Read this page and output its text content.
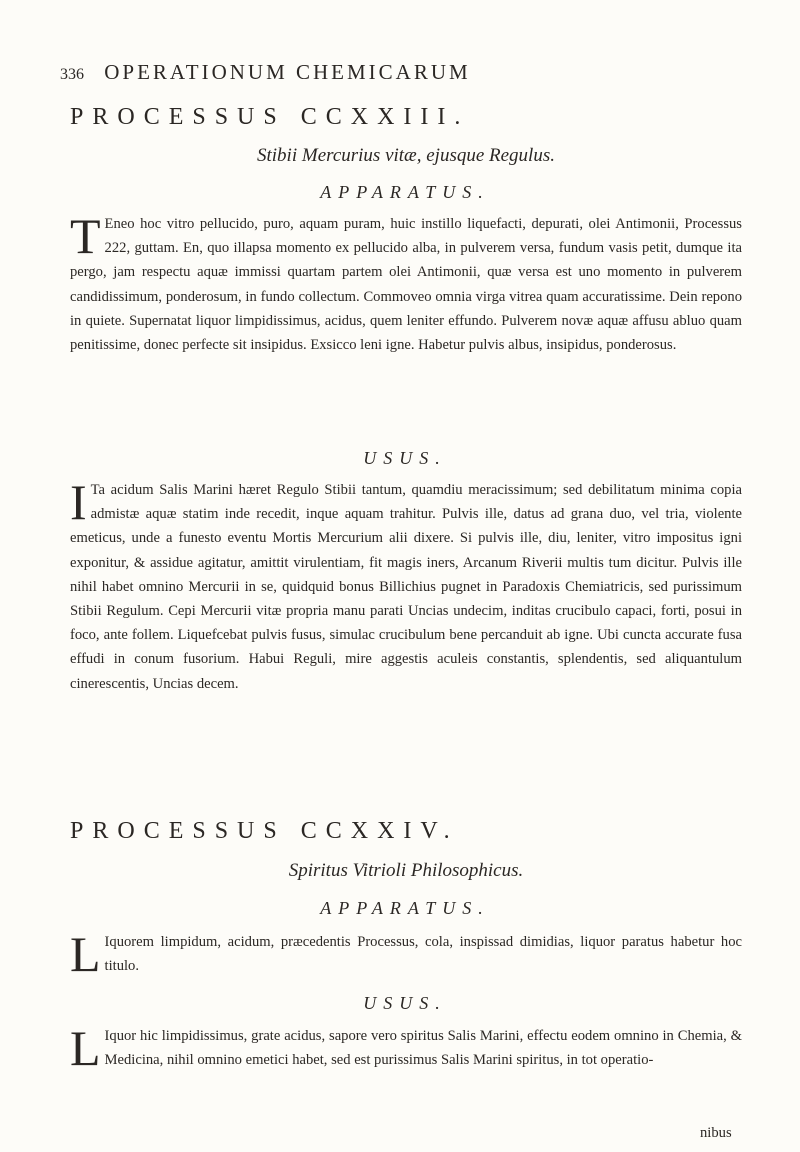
336 OPERATIONUM CHEMICARUM
PROCESSUS CCXXIII.
Stibii Mercurius vitæ, ejusque Regulus.
APPARATUS.

T Eneo hoc vitro pellucido, puro, aquam puram, huic instillo liquefacti, depurati, olei Antimonii, Processus 222, guttam. En, quo illapsa momento ex pellucido alba, in pulverem versa, fundum vasis petit, dumque ita pergo, jam respectu aquæ immissi quartam partem olei Antimonii, quæ versa est uno momento in pulverem candidissimum, ponderosum, in fundo collectum. Commoveo omnia virga vitrea quam accuratissime. Dein repono in quiete. Supernatat liquor limpidissimus, acidus, quem leniter effundo. Pulverem novæ aquæ affusu abluo quam penitissime, donec perfecte sit insipidus. Exsicco leni igne. Habetur pulvis albus, insipidus, ponderosus.

USUS.

I Ta acidum Salis Marini hæret Regulo Stibii tantum, quamdiu meracissimum; sed debilitatum minima copia admistæ aquæ statim inde recedit, inque aquam trahitur. Pulvis ille, datus ad grana duo, vel tria, violente emeticus, unde a funesto eventu Mortis Mercurium alii dixere. Si pulvis ille, diu, leniter, vitro impositus igni exponitur, & assidue agitatur, amittit virulentiam, fit magis iners, Arcanum Riverii multis tum dicitur. Pulvis ille nihil habet omnino Mercurii in se, quidquid bonus Billichius pugnet in Paradoxis Chemiatricis, sed purissimum Stibii Regulum. Cepi Mercurii vitæ propria manu parati Uncias undecim, inditas crucibulo capaci, forti, posui in foco, ante follem. Liquefcebat pulvis fusus, simulac crucibulum bene percanduit ab igne. Ubi cuncta accurate fusa effudi in conum fusorium. Habui Reguli, mire aggestis aculeis constantis, splendentis, sed aliquantulum cinerescentis, Uncias decem.

PROCESSUS CCXXIV.
Spiritus Vitrioli Philosophicus.
APPARATUS.

L Iquorem limpidum, acidum, præcedentis Processus, cola, inspissad dimidias, liquor paratus habetur hoc titulo.

USUS.

L Iquor hic limpidissimus, grate acidus, sapore vero spiritus Salis Marini, effectu eodem omnino in Chemia, & Medicina, nihil omnino emetici habet, sed est purissimus Salis Marini spiritus, in tot operatio-

nibus
